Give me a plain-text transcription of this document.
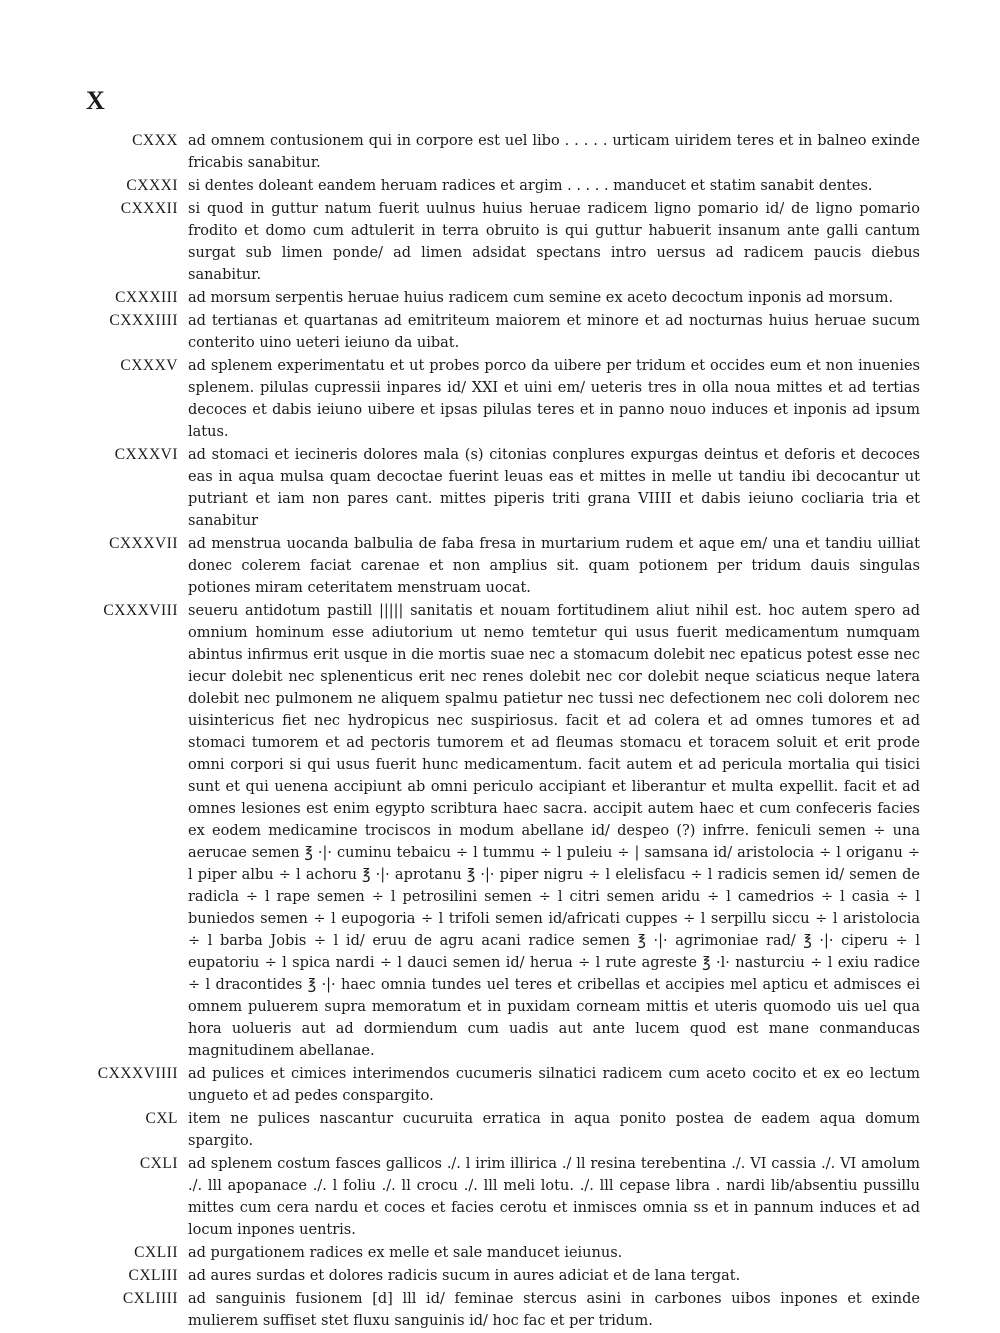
X
CXXX ad omnem contusionem qui in corpore est uel libo . . . . . urticam uiridem teres et in balneo exinde fricabis sanabitur.
CXXXI si dentes doleant eandem heruam radices et argim . . . . . manducet et statim sanabit dentes.
CXXXII si quod in guttur natum fuerit uulnus huius heruae radicem ligno pomario id/ de ligno pomario frodito et domo cum adtulerit in terra obruito is qui guttur habuerit insanum ante galli cantum surgat sub limen ponde/ ad limen adsidat spectans intro uersus ad radicem paucis diebus sanabitur.
CXXXIII ad morsum serpentis heruae huius radicem cum semine ex aceto decoctum inponis ad morsum.
CXXXIIII ad tertianas et quartanas ad emitriteum maiorem et minore et ad nocturnas huius heruae sucum conterito uino ueteri ieiuno da uibat.
CXXXV ad splenem experimentatu et ut probes porco da uibere per tridum et occides eum et non inuenies splenem. pilulas cupressii inpares id/ XXI et uini em/ ueteris tres in olla noua mittes et ad tertias decoces et dabis ieiuno uibere et ipsas pilulas teres et in panno nouo induces et inponis ad ipsum latus.
CXXXVI ad stomaci et iecineris dolores mala (s) citonias conplures expurgas deintus et deforis et decoces eas in aqua mulsa quam decoctae fuerint leuas eas et mittes in melle ut tandiu ibi decocantur ut putriant et iam non pares cant. mittes piperis triti grana VIIII et dabis ieiuno cocliaria tria et sanabitur
CXXXVII ad menstrua uocanda balbulia de faba fresa in murtarium rudem et aque em/ una et tandiu uilliat donec colerem faciat carenae et non amplius sit. quam potionem per tridum dauis singulas potiones miram ceteritatem menstruam uocat.
CXXXVIII seueru antidotum pastill ||||| sanitatis et nouam fortitudinem aliut nihil est. hoc autem spero ad omnium hominum esse adiutorium ut nemo temtetur qui usus fuerit medicamentum numquam abintus infirmus erit usque in die mortis suae nec a stomacum dolebit nec epaticus potest esse nec iecur dolebit nec splenenticus erit nec renes dolebit nec cor dolebit neque sciaticus neque latera dolebit nec pulmonem ne aliquem spalmu patietur nec tussi nec defectionem nec coli dolorem nec uisintericus fiet nec hydropicus nec suspiriosus. facit et ad colera et ad omnes tumores et ad stomaci tumorem et ad pectoris tumorem et ad fleumas stomacu et toracem soluit et erit prode omni corpori si qui usus fuerit hunc medicamentum. facit autem et ad pericula mortalia qui tisici sunt et qui uenena accipiunt ab omni periculo accipiant et liberantur et multa expellit. facit et ad omnes lesiones est enim egypto scribtura haec sacra. accipit autem haec et cum confeceris facies ex eodem medicamine trociscos in modum abellane id/ despeo (?) infrre. feniculi semen ÷ una aerucae semen ℥ ·|· cuminu tebaicu ÷ l tummu ÷ l puleiu ÷ | samsana id/ aristolocia ÷ l origanu ÷ l piper albu ÷ l achoru ℥ ·|· aprotanu ℥ ·|· piper nigru ÷ l elelisfacu ÷ l radicis semen id/ semen de radicla ÷ l rape semen ÷ l petrosilini semen ÷ l citri semen aridu ÷ l camedrios ÷ l casia ÷ l buniedos semen ÷ l eupogoria ÷ l trifoli semen id/africati cuppes ÷ l serpillu siccu ÷ l aristolocia ÷ l barba Jobis ÷ l id/ eruu de agru acani radice semen ℥ ·|· agrimoniae rad/ ℥ ·|· ciperu ÷ l eupatoriu ÷ l spica nardi ÷ l dauci semen id/ herua ÷ l rute agreste ℥ ·l· nasturciu ÷ l exiu radice ÷ l dracontides ℥ ·|· haec omnia tundes uel teres et cribellas et accipies mel apticu et admisces ei omnem puluerem supra memoratum et in puxidam corneam mittis et uteris quomodo uis uel qua hora uolueris aut ad dormiendum cum uadis aut ante lucem quod est mane conmanducas magnitudinem abellanae.
CXXXVIIII ad pulices et cimices interimendos cucumeris silnatici radicem cum aceto cocito et ex eo lectum ungueto et ad pedes conspargito.
CXL item ne pulices nascantur cucuruita erratica in aqua ponito postea de eadem aqua domum spargito.
CXLI ad splenem costum fasces gallicos ./. l irim illirica ./ ll resina terebentina ./. VI cassia ./. VI amolum ./. lll apopanace ./. l foliu ./. ll crocu ./. lll meli lotu. ./. lll cepase libra . nardi lib/absentiu pussillu mittes cum cera nardu et coces et facies cerotu et inmisces omnia ss et in pannum induces et ad locum inpones uentris.
CXLII ad purgationem radices ex melle et sale manducet ieiunus.
CXLIII ad aures surdas et dolores radicis sucum in aures adiciat et de lana tergat.
CXLIIII ad sanguinis fusionem [d] lll id/ feminae stercus asini in carbones uibos inpones et exinde mulierem suffiset stet fluxu sanguinis id/ hoc fac et per tridum.
